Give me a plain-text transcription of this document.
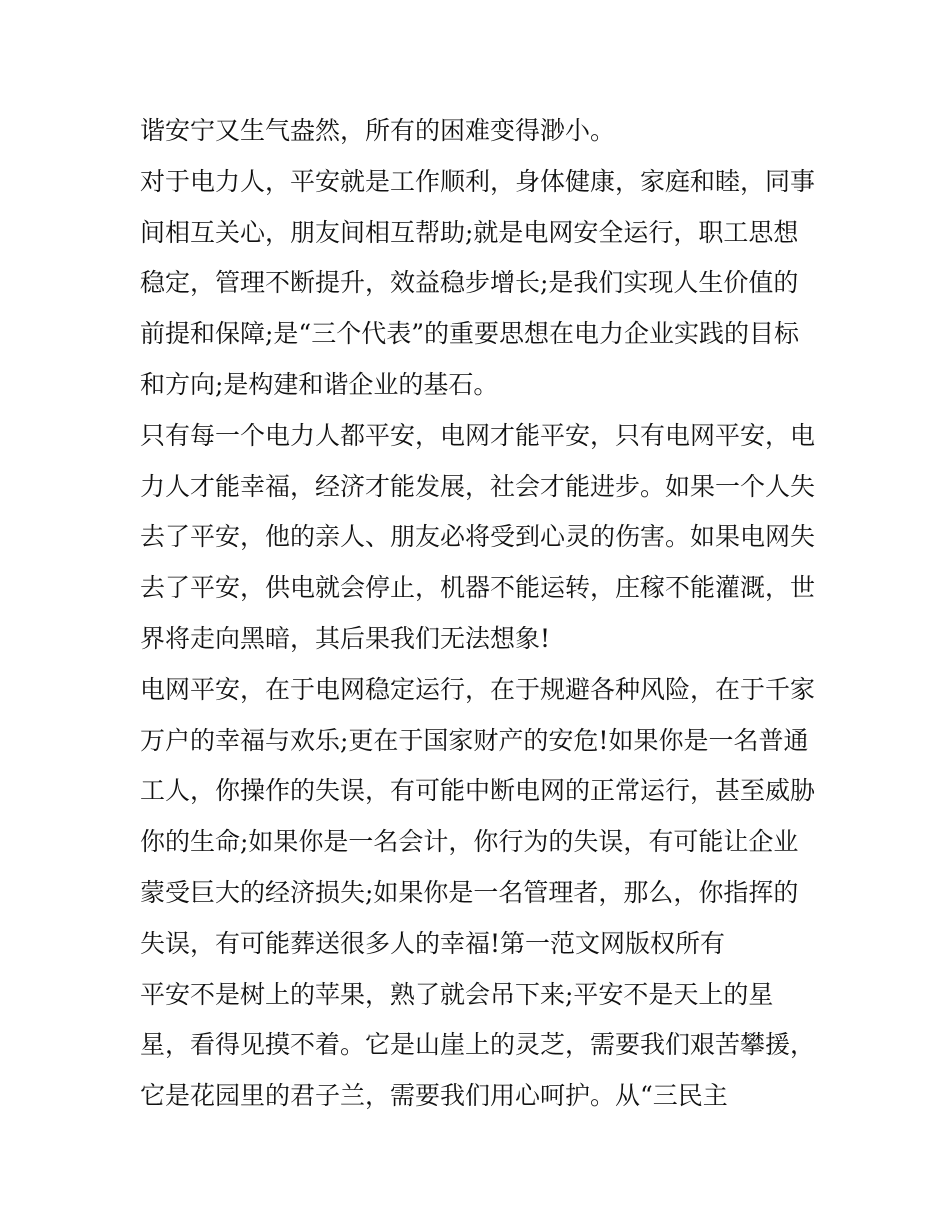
谐安宁又生气盎然，所有的困难变得渺小。

对于电力人，平安就是工作顺利，身体健康，家庭和睦，同事

间相互关心，朋友间相互帮助;就是电网安全运行，职工思想

稳定，管理不断提升，效益稳步增长;是我们实现人生价值的

前提和保障;是“三个代表”的重要思想在电力企业实践的目标

和方向;是构建和谐企业的基石。

只有每一个电力人都平安，电网才能平安，只有电网平安，电

力人才能幸福，经济才能发展，社会才能进步。如果一个人失

去了平安，他的亲人、朋友必将受到心灵的伤害。如果电网失

去了平安，供电就会停止，机器不能运转，庄稼不能灌溉，世

界将走向黑暗，其后果我们无法想象!

电网平安，在于电网稳定运行，在于规避各种风险，在于千家

万户的幸福与欢乐;更在于国家财产的安危!如果你是一名普通

工人，你操作的失误，有可能中断电网的正常运行，甚至威胁

你的生命;如果你是一名会计，你行为的失误，有可能让企业

蒙受巨大的经济损失;如果你是一名管理者，那么，你指挥的

失误，有可能葬送很多人的幸福!第一范文网版权所有

平安不是树上的苹果，熟了就会吊下来;平安不是天上的星

星，看得见摸不着。它是山崖上的灵芝，需要我们艰苦攀援，

它是花园里的君子兰，需要我们用心呵护。从“三民主
